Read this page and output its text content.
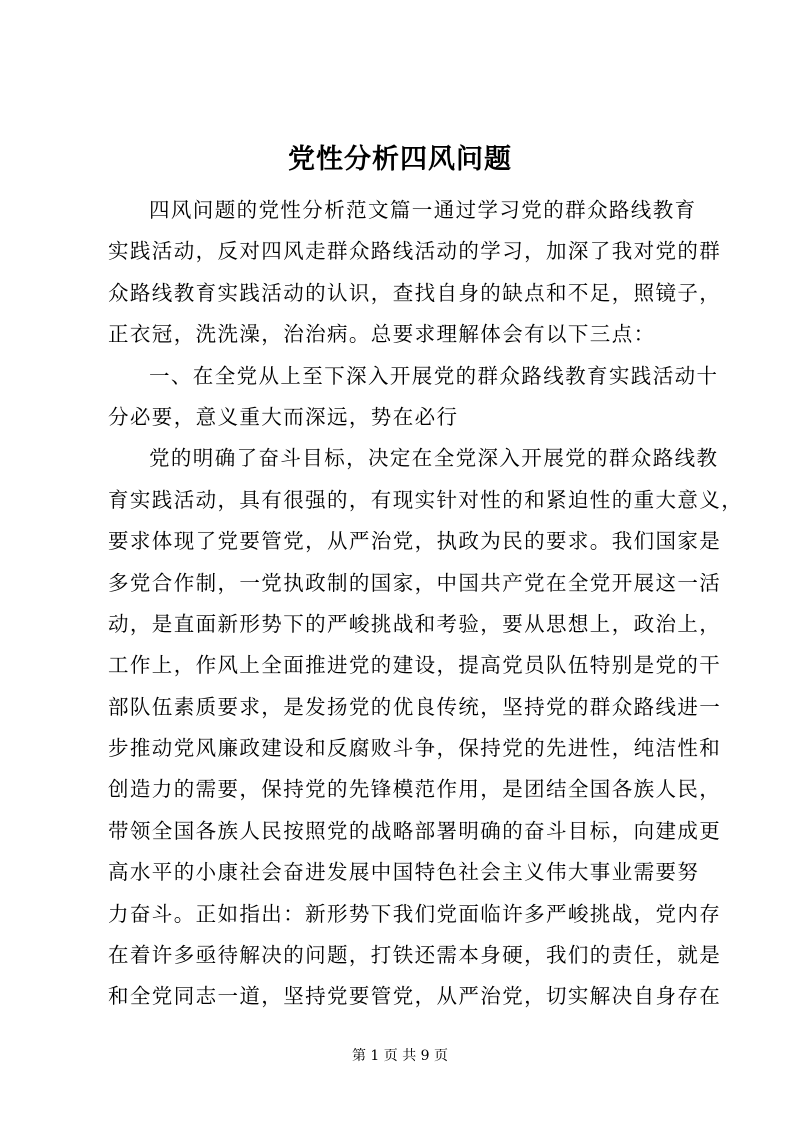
党性分析四风问题
四风问题的党性分析范文篇一通过学习党的群众路线教育
实践活动，反对四风走群众路线活动的学习，加深了我对党的群
众路线教育实践活动的认识，查找自身的缺点和不足，照镜子，
正衣冠，洗洗澡，治治病。总要求理解体会有以下三点：
一、在全党从上至下深入开展党的群众路线教育实践活动十
分必要，意义重大而深远，势在必行
党的明确了奋斗目标，决定在全党深入开展党的群众路线教
育实践活动，具有很强的，有现实针对性的和紧迫性的重大意义，
要求体现了党要管党，从严治党，执政为民的要求。我们国家是
多党合作制，一党执政制的国家，中国共产党在全党开展这一活
动，是直面新形势下的严峻挑战和考验，要从思想上，政治上，
工作上，作风上全面推进党的建设，提高党员队伍特别是党的干
部队伍素质要求，是发扬党的优良传统，坚持党的群众路线进一
步推动党风廉政建设和反腐败斗争，保持党的先进性，纯洁性和
创造力的需要，保持党的先锋模范作用，是团结全国各族人民，
带领全国各族人民按照党的战略部署明确的奋斗目标，向建成更
高水平的小康社会奋进发展中国特色社会主义伟大事业需要努
力奋斗。正如指出：新形势下我们党面临许多严峻挑战，党内存
在着许多亟待解决的问题，打铁还需本身硬，我们的责任，就是
和全党同志一道，坚持党要管党，从严治党，切实解决自身存在
第 1 页 共 9 页
